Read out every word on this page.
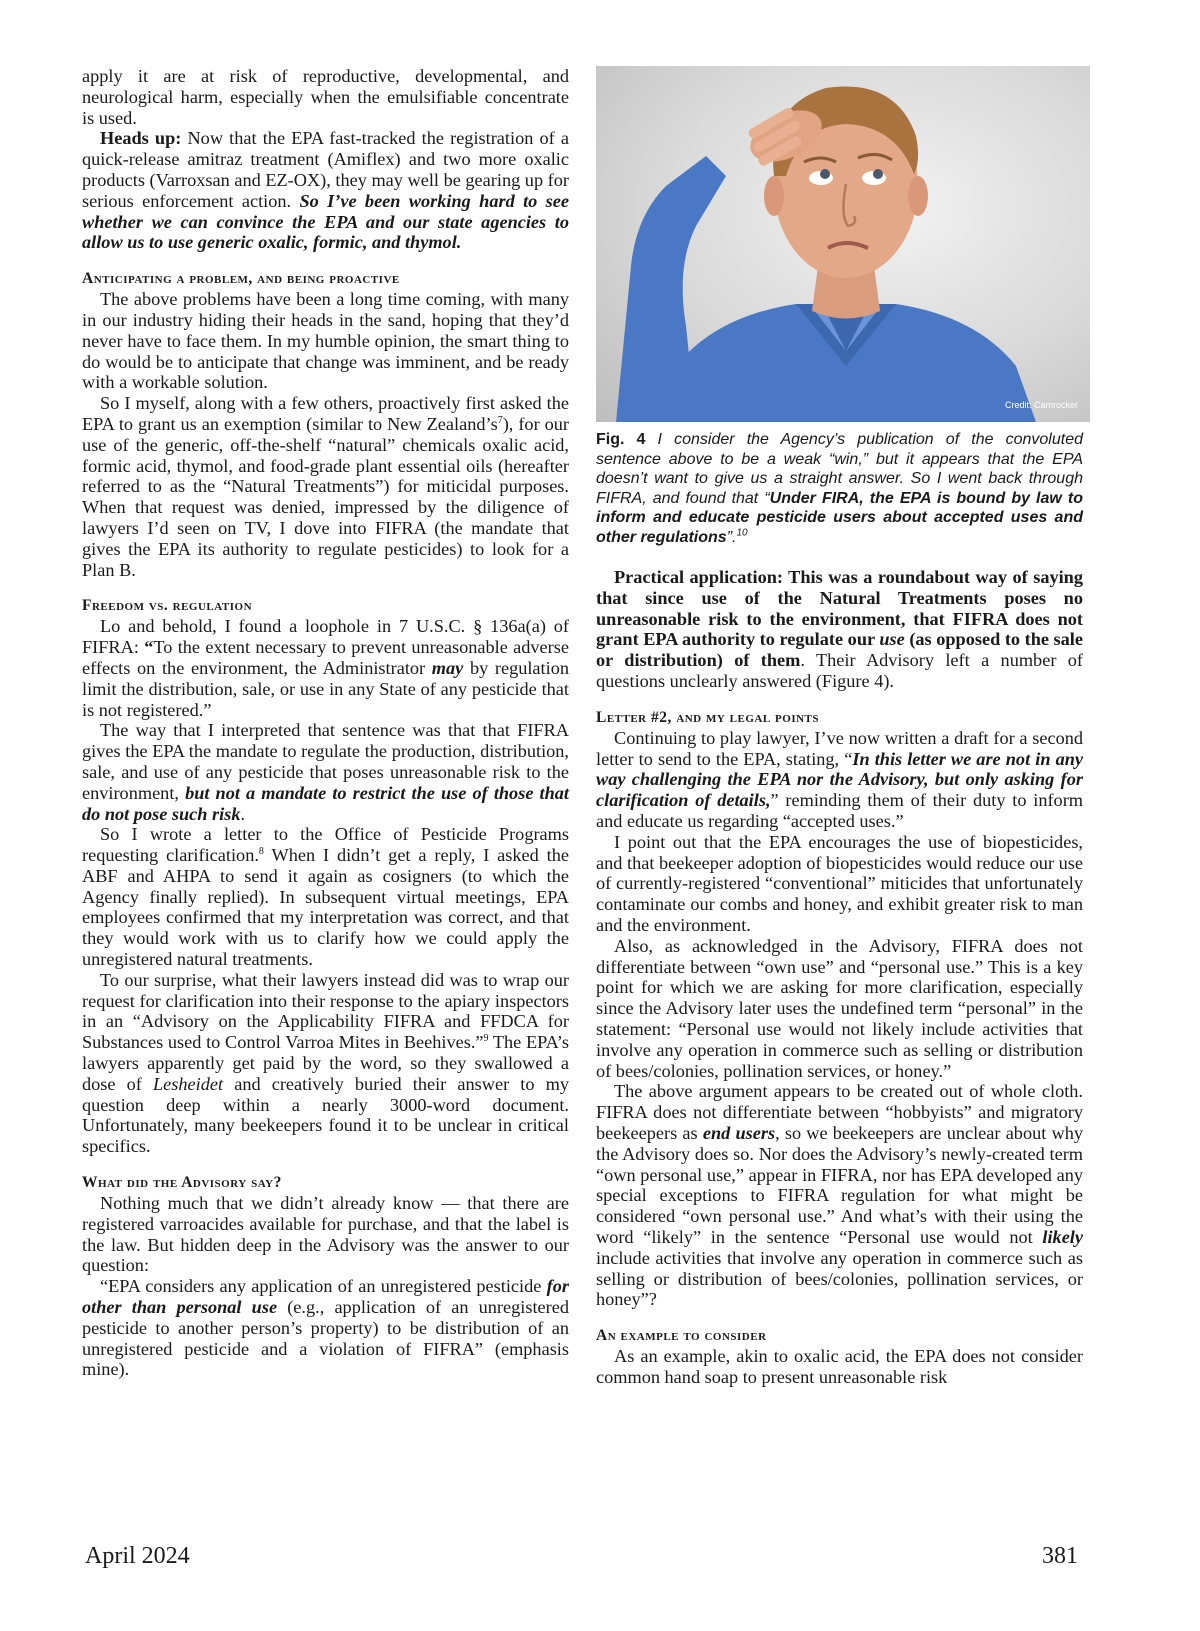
apply it are at risk of reproductive, developmental, and neurological harm, especially when the emulsifiable concentrate is used.

Heads up: Now that the EPA fast-tracked the registration of a quick-release amitraz treatment (Amiflex) and two more oxalic products (Varroxsan and EZ-OX), they may well be gearing up for serious enforcement action. So I’ve been working hard to see whether we can convince the EPA and our state agencies to allow us to use generic oxalic, formic, and thymol.

Anticipating a problem, and being proactive

The above problems have been a long time coming, with many in our industry hiding their heads in the sand, hoping that they’d never have to face them. In my humble opinion, the smart thing to do would be to anticipate that change was imminent, and be ready with a workable solution.

So I myself, along with a few others, proactively first asked the EPA to grant us an exemption (similar to New $Zealand’s^7$), for our use of the generic, off-the-shelf “natural” chemicals oxalic acid, formic acid, thymol, and food-grade plant essential oils (hereafter referred to as the “Natural Treatments”) for miticidal purposes. When that request was denied, impressed by the diligence of lawyers I’d seen on TV, I dove into FIFRA (the mandate that gives the EPA its authority to regulate pesticides) to look for a Plan B.

Freedom vs. regulation

Lo and behold, I found a loophole in 7 U.S.C. § 136a(a) of FIFRA: “To the extent necessary to prevent unreasonable adverse effects on the environment, the Administrator may by regulation limit the distribution, sale, or use in any State of any pesticide that is not registered.”

The way that I interpreted that sentence was that that FIFRA gives the EPA the mandate to regulate the production, distribution, sale, and use of any pesticide that poses unreasonable risk to the environment, but not a mandate to restrict the use of those that do not pose such risk.

So I wrote a letter to the Office of Pesticide Programs requesting clarification.$^8$ When I didn’t get a reply, I asked the ABF and AHPA to send it again as cosigners (to which the Agency finally replied). In subsequent virtual meetings, EPA employees confirmed that my interpretation was correct, and that they would work with us to clarify how we could apply the unregistered natural treatments.

To our surprise, what their lawyers instead did was to wrap our request for clarification into their response to the apiary inspectors in an “Advisory on the Applicability FIFRA and FFDCA for Substances used to Control Varroa Mites in Beehives.”$^9$ The EPA’s lawyers apparently get paid by the word, so they swallowed a dose of Lesheidet and creatively buried their answer to my question deep within a nearly 3000-word document. Unfortunately, many beekeepers found it to be unclear in critical specifics.

What did the Advisory say?

Nothing much that we didn’t already know — that there are registered varroacides available for purchase, and that the label is the law. But hidden deep in the Advisory was the answer to our question:

“EPA considers any application of an unregistered pesticide for other than personal use (e.g., application of an unregistered pesticide to another person’s property) to be distribution of an unregistered pesticide and a violation of FIFRA” (emphasis mine).

Credit: Camrocker
Fig. 4 I consider the Agency’s publication of the convoluted sentence above to be a weak “win,” but it appears that the EPA doesn’t want to give us a straight answer. So I went back through FIFRA, and found that “Under FIRA, the EPA is bound by law to inform and educate pesticide users about accepted uses and other regulations”.$^{10}$

Practical application: This was a roundabout way of saying that since use of the Natural Treatments poses no unreasonable risk to the environment, that FIFRA does not grant EPA authority to regulate our use (as opposed to the sale or distribution) of them. Their Advisory left a number of questions unclearly answered (Figure 4).

Letter #2, and my legal points

Continuing to play lawyer, I’ve now written a draft for a second letter to send to the EPA, stating, “In this letter we are not in any way challenging the EPA nor the Advisory, but only asking for clarification of details,” reminding them of their duty to inform and educate us regarding “accepted uses.”

I point out that the EPA encourages the use of biopesticides, and that beekeeper adoption of biopesticides would reduce our use of currently-registered “conventional” miticides that unfortunately contaminate our combs and honey, and exhibit greater risk to man and the environment.

Also, as acknowledged in the Advisory, FIFRA does not differentiate between “own use” and “personal use.” This is a key point for which we are asking for more clarification, especially since the Advisory later uses the undefined term “personal” in the statement: “Personal use would not likely include activities that involve any operation in commerce such as selling or distribution of bees/colonies, pollination services, or honey.”

The above argument appears to be created out of whole cloth. FIFRA does not differentiate between “hobbyists” and migratory beekeepers as end users, so we beekeepers are unclear about why the Advisory does so. Nor does the Advisory’s newly-created term “own personal use,” appear in FIFRA, nor has EPA developed any special exceptions to FIFRA regulation for what might be considered “own personal use.” And what’s with their using the word “likely” in the sentence “Personal use would not likely include activities that involve any operation in commerce such as selling or distribution of bees/colonies, pollination services, or honey”?

An example to consider

As an example, akin to oxalic acid, the EPA does not consider common hand soap to present unreasonable risk

April 2024	381
